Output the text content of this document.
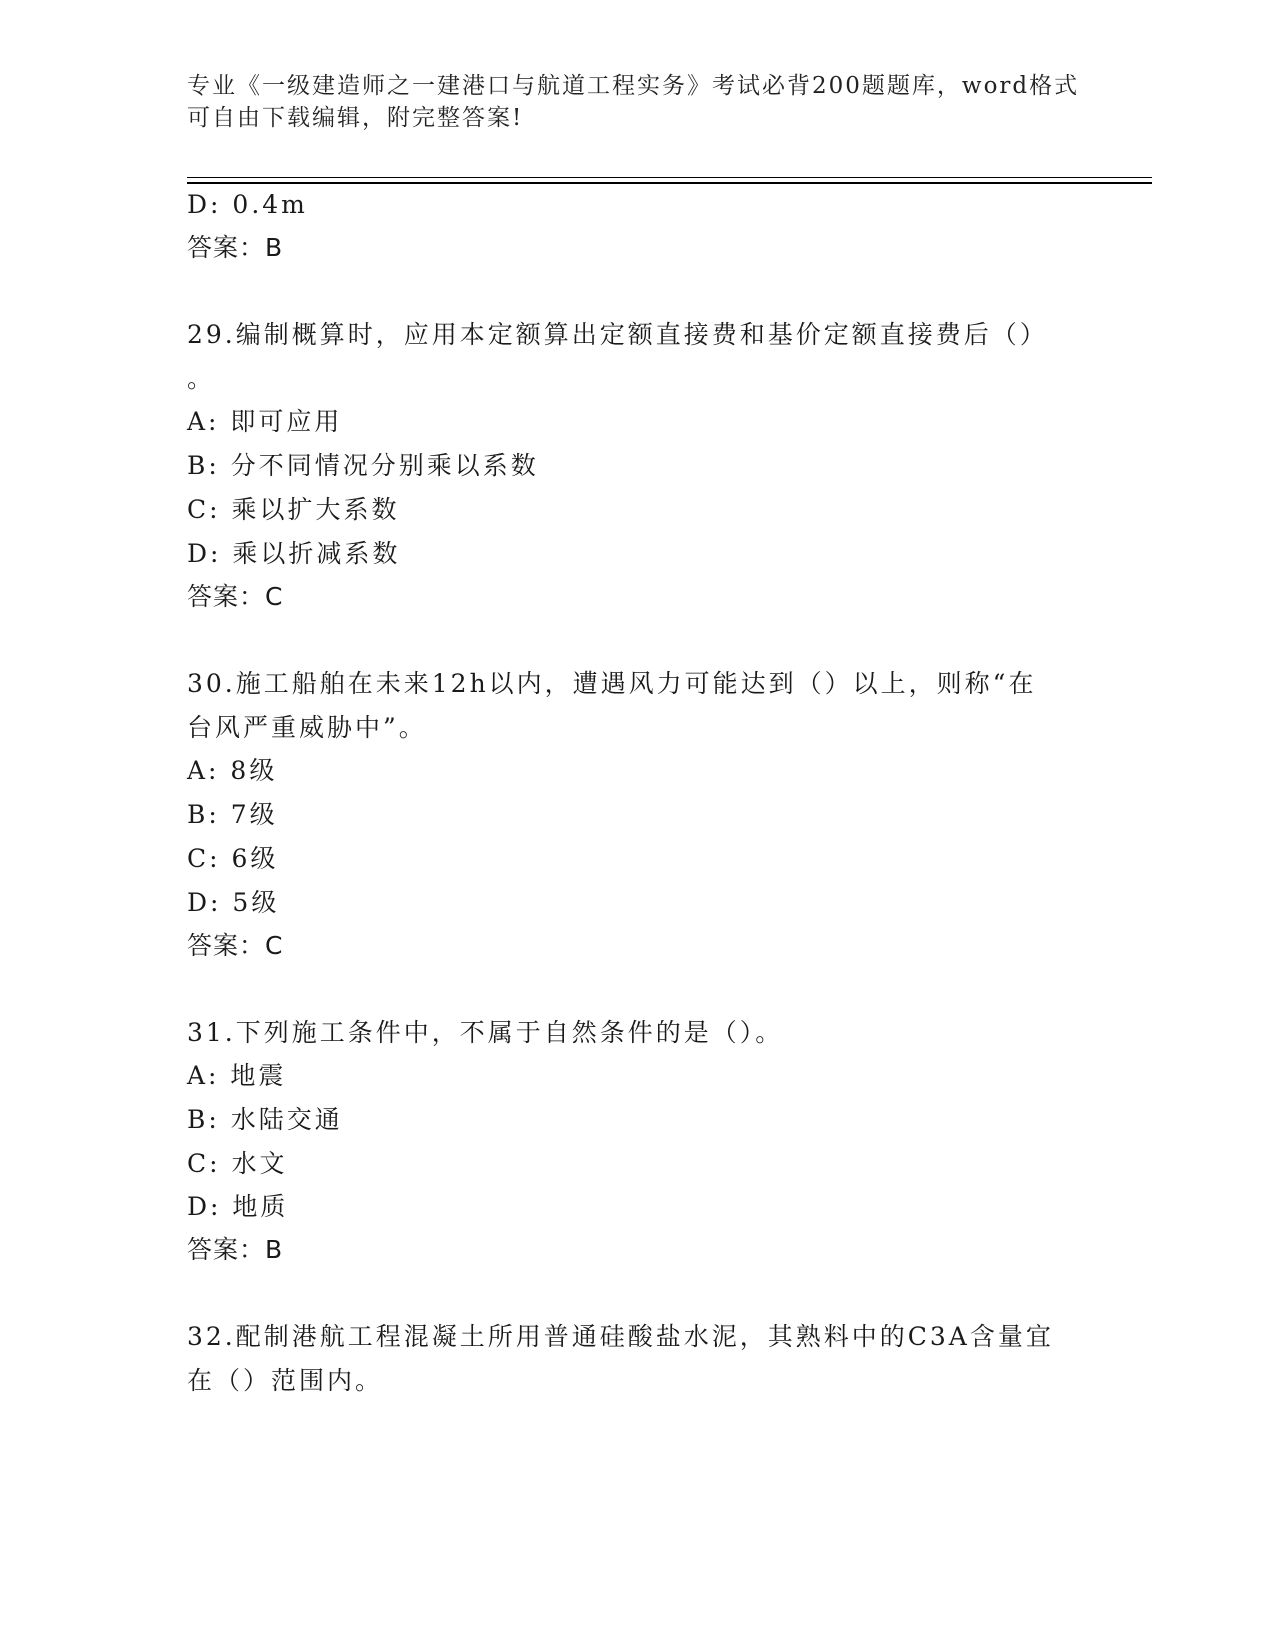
专业《一级建造师之一建港口与航道工程实务》考试必背200题题库，word格式
可自由下载编辑，附完整答案!
D: 0.4m
答案：B
29.编制概算时，应用本定额算出定额直接费和基价定额直接费后（）
。
A: 即可应用
B: 分不同情况分别乘以系数
C: 乘以扩大系数
D: 乘以折减系数
答案：C
30.施工船舶在未来12h以内，遭遇风力可能达到（）以上，则称“在
台风严重威胁中”。
A: 8级
B: 7级
C: 6级
D: 5级
答案：C
31.下列施工条件中，不属于自然条件的是（）。
A: 地震
B: 水陆交通
C: 水文
D: 地质
答案：B
32.配制港航工程混凝土所用普通硅酸盐水泥，其熟料中的C3A含量宜
在（）范围内。
